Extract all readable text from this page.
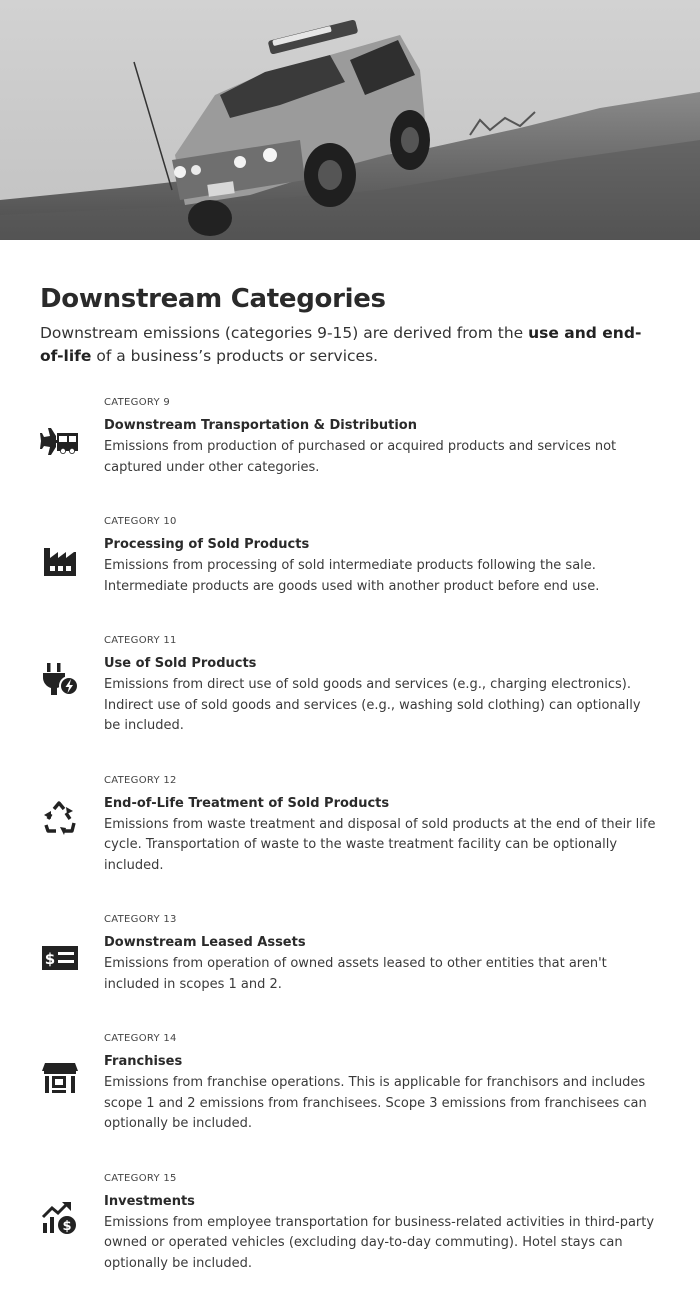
Downstream Categories

Downstream emissions (categories 9-15) are derived from the use and end-of-life of a business’s products or services.

CATEGORY 9
Downstream Transportation & Distribution
Emissions from production of purchased or acquired products and services not captured under other categories.
CATEGORY 10
Processing of Sold Products
Emissions from processing of sold intermediate products following the sale. Intermediate products are goods used with another product before end use.
CATEGORY 11
Use of Sold Products
Emissions from direct use of sold goods and services (e.g., charging electronics). Indirect use of sold goods and services (e.g., washing sold clothing) can optionally be included.
CATEGORY 12
End-of-Life Treatment of Sold Products
Emissions from waste treatment and disposal of sold products at the end of their life cycle. Transportation of waste to the waste treatment facility can be optionally included.
$
CATEGORY 13
Downstream Leased Assets
Emissions from operation of owned assets leased to other entities that aren't included in scopes 1 and 2.
CATEGORY 14
Franchises
Emissions from franchise operations. This is applicable for franchisors and includes scope 1 and 2 emissions from franchisees. Scope 3 emissions from franchisees can optionally be included.
$
CATEGORY 15
Investments
Emissions from employee transportation for business-related activities in third-party owned or operated vehicles (excluding day-to-day commuting). Hotel stays can optionally be included.
